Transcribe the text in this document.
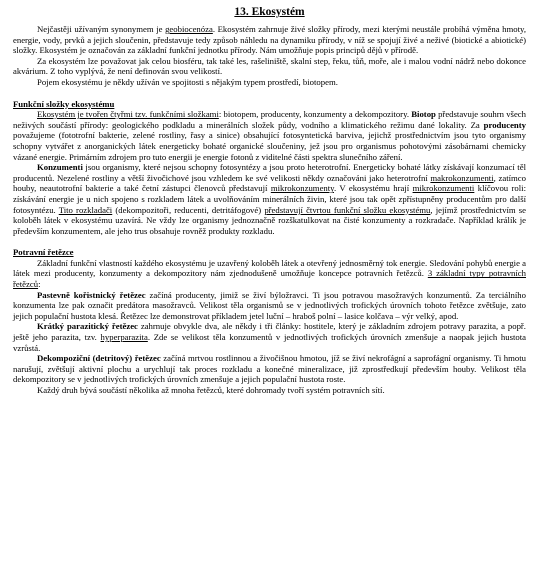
13. Ekosystém

Nejčastěji užívaným synonymem je geobiocenóza. Ekosystém zahrnuje živé složky přírody, mezi kterými neustále probíhá výměna hmoty, energie, vody, prvků a jejich sloučenin, představuje tedy způsob náhledu na dynamiku přírody, v níž se spojují živé a neživé (biotické a abiotické) složky. Ekosystém je označován za základní funkční jednotku přírody. Nám umožňuje popis principů dějů v přírodě.

Za ekosystém lze považovat jak celou biosféru, tak také les, rašeliniště, skalní step, řeku, tůň, moře, ale i malou vodní nádrž nebo dokonce akvárium. Z toho vyplývá, že není definován svou velikostí.

Pojem ekosystému je někdy užíván ve spojitosti s nějakým typem prostředí, biotopem.

Funkční složky ekosystému

Ekosystém je tvořen čtyřmi tzv. funkčními složkami: biotopem, producenty, konzumenty a dekompozitory. Biotop představuje souhrn všech neživých součástí přírody: geologického podkladu a minerálních složek půdy, vodního a klimatického režimu dané lokality. Za producenty považujeme (fototrofní bakterie, zelené rostliny, řasy a sinice) obsahující fotosyntetická barviva, jejichž prostřednictvím jsou tyto organismy schopny vytvářet z anorganických látek energeticky bohaté organické sloučeniny, jež jsou pro organismus pohotovými zásobárnami chemicky vázané energie. Primárním zdrojem pro tuto energii je energie fotonů z viditelné části spektra slunečního záření.

Konzumenti jsou organismy, které nejsou schopny fotosyntézy a jsou proto heterotrofní. Energeticky bohaté látky získávají konzumací těl producentů. Nezelené rostliny a větší živočichové jsou vzhledem ke své velikosti někdy označováni jako heterotrofní makrokonzumenti, zatímco houby, neautotrofní bakterie a také četní zástupci členovců představují mikrokonzumenty. V ekosystému hrají mikrokonzumenti klíčovou roli: získávání energie je u nich spojeno s rozkladem látek a uvolňováním minerálních živin, které jsou tak opět zpřístupněny producentům pro další fotosyntézu. Tito rozkladači (dekompozitoři, reducenti, detritáfogové) představují čtvrtou funkční složku ekosystému, jejímž prostřednictvím se koloběh látek v ekosystému uzavírá. Ne vždy lze organismy jednoznačně rozškatulkovat na čisté konzumenty a rozkradače. Například králík je především konzumentem, ale jeho trus obsahuje rovněž produkty rozkladu.

Potravní řetězce

Základní funkční vlastností každého ekosystému je uzavřený koloběh látek a otevřený jednosměrný tok energie. Sledování pohybů energie a látek mezi producenty, konzumenty a dekompozitory nám zjednodušeně umožňuje koncepce potravních řetězců. 3 základní typy potravních řetězců:

Pastevně kořistnický řetězec začíná producenty, jimiž se živí býložravci. Ti jsou potravou masožravých konzumentů. Za terciálního konzumenta lze pak označit predátora masožravců. Velikost těla organismů se v jednotlivých trofických úrovních tohoto řetězce zvětšuje, zato jejich populační hustota klesá. Řetězec lze demonstrovat příkladem jetel luční – hraboš polní – lasice kolčava – výr velký, apod.

Krátký parazitický řetězec zahrnuje obvykle dva, ale někdy i tři články: hostitele, který je základním zdrojem potravy parazita, a popř. ještě jeho parazita, tzv. hyperparazita. Zde se velikost těla konzumentů v jednotlivých trofických úrovních zmenšuje a naopak jejich hustota vzrůstá.

Dekompoziční (detritový) řetězec začíná mrtvou rostlinnou a živočišnou hmotou, jíž se živí nekrofágní a saprofágní organismy. Ti hmotu narušují, zvětšují aktivní plochu a urychlují tak proces rozkladu a konečné mineralizace, již zprostředkují především houby. Velikost těla dekompozitory se v jednotlivých trofických úrovních zmenšuje a jejich populační hustota roste.

Každý druh bývá součástí několika až mnoha řetězců, které dohromady tvoří systém potravních sítí.
